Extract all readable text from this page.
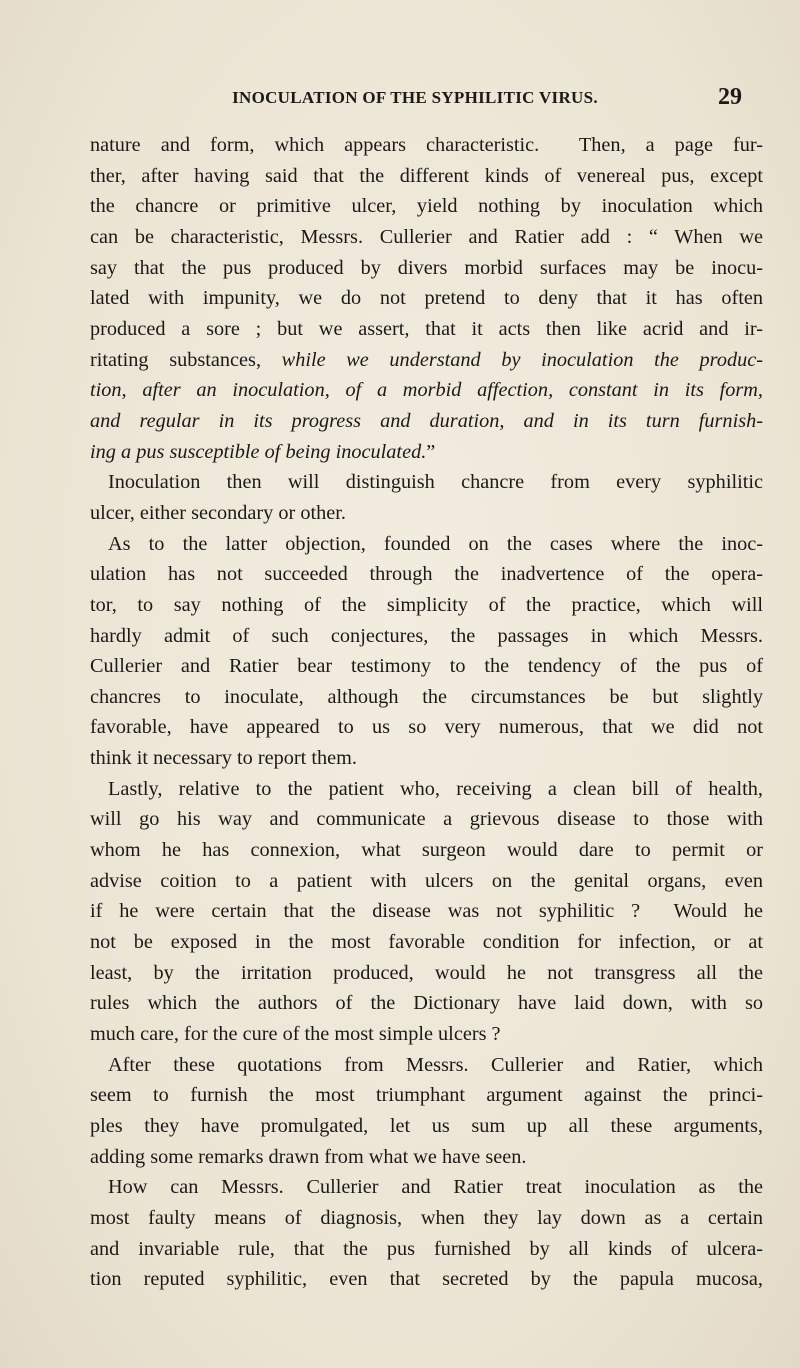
INOCULATION OF THE SYPHILITIC VIRUS.	29
nature and form, which appears characteristic.  Then, a page fur-
ther, after having said that the different kinds of venereal pus, except
the chancre or primitive ulcer, yield nothing by inoculation which
can be characteristic, Messrs. Cullerier and Ratier add : “ When we
say that the pus produced by divers morbid surfaces may be inocu-
lated with impunity, we do not pretend to deny that it has often
produced a sore ; but we assert, that it acts then like acrid and ir-
ritating substances, while we understand by inoculation the produc-
tion, after an inoculation, of a morbid affection, constant in its form,
and regular in its progress and duration, and in its turn furnish-
ing a pus susceptible of being inoculated.”
Inoculation then will distinguish chancre from every syphilitic
ulcer, either secondary or other.
As to the latter objection, founded on the cases where the inoc-
ulation has not succeeded through the inadvertence of the opera-
tor, to say nothing of the simplicity of the practice, which will
hardly admit of such conjectures, the passages in which Messrs.
Cullerier and Ratier bear testimony to the tendency of the pus of
chancres to inoculate, although the circumstances be but slightly
favorable, have appeared to us so very numerous, that we did not
think it necessary to report them.
Lastly, relative to the patient who, receiving a clean bill of health,
will go his way and communicate a grievous disease to those with
whom he has connexion, what surgeon would dare to permit or
advise coition to a patient with ulcers on the genital organs, even
if he were certain that the disease was not syphilitic ?  Would he
not be exposed in the most favorable condition for infection, or at
least, by the irritation produced, would he not transgress all the
rules which the authors of the Dictionary have laid down, with so
much care, for the cure of the most simple ulcers ?
After these quotations from Messrs. Cullerier and Ratier, which
seem to furnish the most triumphant argument against the princi-
ples they have promulgated, let us sum up all these arguments,
adding some remarks drawn from what we have seen.
How can Messrs. Cullerier and Ratier treat inoculation as the
most faulty means of diagnosis, when they lay down as a certain
and invariable rule, that the pus furnished by all kinds of ulcera-
tion reputed syphilitic, even that secreted by the papula mucosa,
